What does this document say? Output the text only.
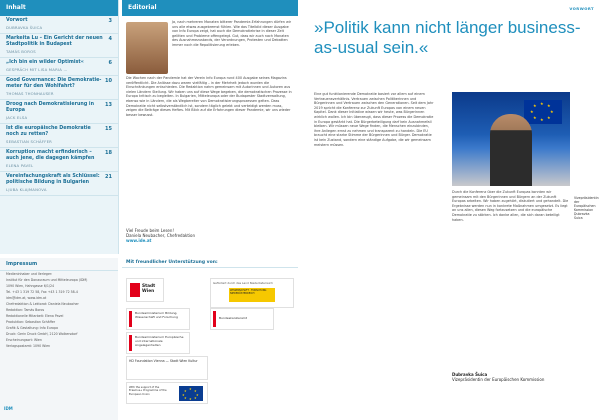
Inhalt
3
Vorwort
DUBRAVKA ŠUICA
4
Markeita Lu – Ein Gericht der neuen Stadtpolitik in Budapest
TAMÁS BOROS
6
„Ich bin ein wilder Optimist«
GESPRÄCH MIT LISA MARIA …
10
Good Governance: Die Demokratie-meter für den Wohlfahrt?
THOMAS THONHAUSER
13
Droog nach Demokratisierung in Europa
JACK ELSA
15
Ist die europäische Demokratie noch zu retten?
SEBASTIAN SCHÄFFER
18
Korruption macht erfinderisch – auch jene, die dagegen kämpfen
ELENA PAVEL
21
Vereinfachungskraft als Schlüssel: politische Bildung in Bulgarien
LJUBA KLAJMANOVA
Editorial
Ja, nach mehreren Monaten bitterer Pandemie-Erfahrungen dürfen wir uns alle etwas ausgebremst fühlen. Wie das Titelbild dieser Ausgabe von Info Europa zeigt, hat auch die Demokratiekrise in dieser Zeit gelitten und Probleme offengelegt. Gut, dass wir auch nach Monaten des Ausnahmezustands, der Verordnungen, Protesten und Debatten immer noch die Repolitisierung erleben.
Die Wochen nach der Pandemie hat der Verein Info Europa rund 400 Ausgabe seines Magazins veröffentlicht. Die Anlässe dazu waren vielfältig – in der Mehrheit jedoch wurden die Einschränkungen entschieden. Die Redaktion nahm gemeinsam mit Autorinnen und Autoren aus vielen Ländern Stellung. Wir haben uns auf diese Wege begeben, die demokratischen Prozesse in Europa kritisch zu begleiten. In Bulgarien, Mitteleuropa oder der Budapester Stadtverwaltung, ebenso wie in Ländern, die als Wegbereiter von Demokratisierungsprozessen gelten. Dass Demokratie nicht selbstverständlich ist, sondern täglich gelebt und verteidigt werden muss, zeigen die Beiträge dieses Heftes. Mit Blick auf die Erfahrungen dieser Pandemie, wir uns wieder besser bewusst.
Viel Freude beim Lesen!
Daniela Neubacher, Chefredaktion
www.ide.at
Impressum
Medieninhaber und Verleger:
Institut für den Donauraum und Mitteleuropa (IDM)
1090 Wien, Hahngasse 6/1/24
Tel. +43 1 319 72 58, Fax +43 1 319 72 58-4
idm@idm.at, www.idm.at
Chefredaktion & Lektorat: Daniela Neubacher
Redaktion: Tamás Boros
Redaktionelle Mitarbeit: Elena Pavel
Produktion: Sebastian Schäffer
Grafik & Gestaltung: Info Europa
Druck: Gerin Druck GmbH, 2120 Wolkersdorf
Erscheinungsort: Wien
Verlagspostamt: 1090 Wien
IDM
Mit freundlicher Unterstützung von:
Stadt Wien
Gefördert durch das Land Niederösterreich
WISSENSCHAFT · FORSCHUNG NIEDERÖSTERREICH
Bundesministerium Bildung, Wissenschaft und Forschung	Bundeskanzleramt
Bundesministerium Europäische und internationale Angelegenheiten
HD Foundation Vienna — Stadt Wien Kultur
With the support of the Erasmus+ Programme of the European Union
★ ★
★
★
★
★
★
★
VORWORT
»Politik kann nicht länger business-as-usual sein.«
Eine gut funktionierende Demokratie basiert vor allem auf einem Vertrauensverhältnis. Vertrauen zwischen Politikerinnen und Bürgerinnen und Vertrauen zwischen den Generationen. Seit dem Jahr 2019 spricht die Konferenz zur Zukunft Europas von einem neuen Kapitel. Dank dieser Initiative wissen wir heute, was Bürgerinnen wirklich wollen. Ich bin überzeugt, dass dieser Prozess die Demokratie in Europa gestärkt hat. Die Bürgerbeteiligung darf kein Ausnahmefall bleiben. Wir müssen neue Wege finden, die Menschen einzubinden, ihre Anliegen ernst zu nehmen und transparent zu handeln. Die EU braucht eine starke Stimme der Bürgerinnen und Bürger. Demokratie ist kein Zustand, sondern eine ständige Aufgabe, die wir gemeinsam meistern müssen.
★ ★
★
★
★
★
★
★
Vizepräsidentin der Europäischen Kommission Dubravka Šuica
Durch die Konferenz über die Zukunft Europas konnten wir gemeinsam mit den Bürgerinnen und Bürgern an der Zukunft Europas arbeiten. Wir haben zugehört, diskutiert und gehandelt. Die Ergebnisse werden nun in konkrete Maßnahmen umgesetzt. Es liegt an uns allen, diesen Weg fortzusetzen und die europäische Demokratie zu stärken. Ich danke allen, die sich daran beteiligt haben.
Dubravka Šuica
Vizepräsidentin der Europäischen Kommission
